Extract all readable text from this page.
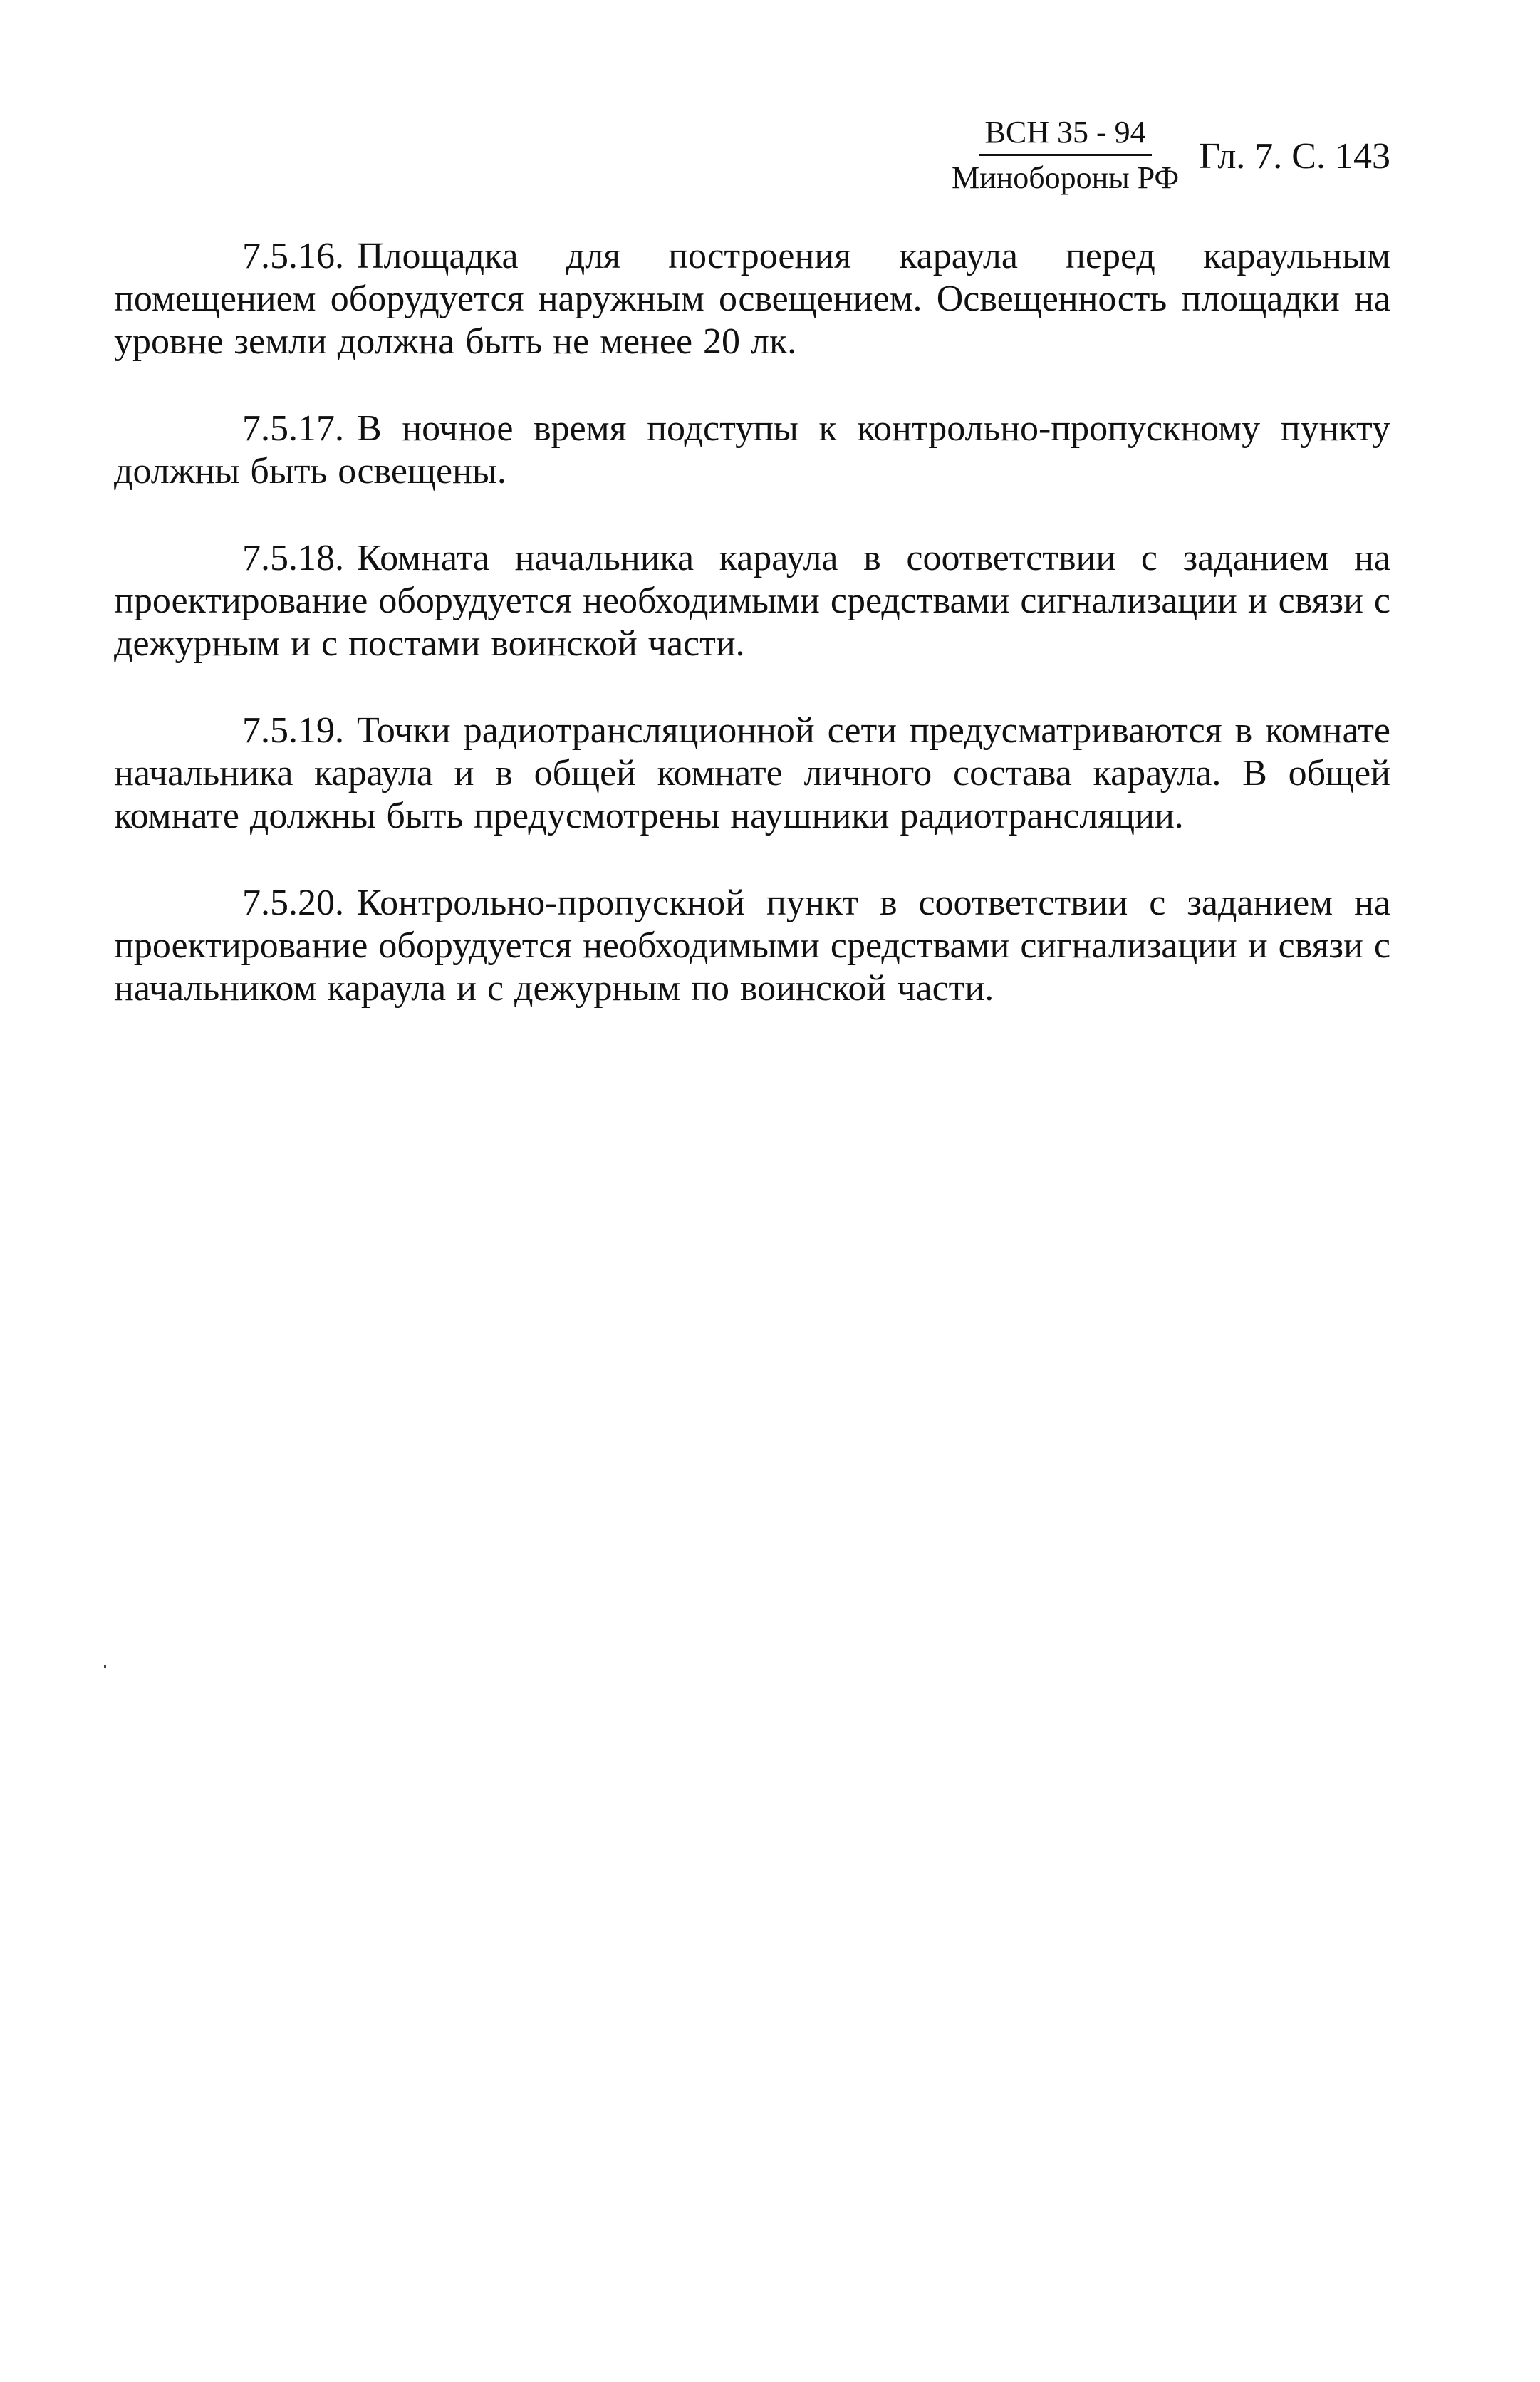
ВСН 35 - 94
Минобороны РФ
Гл. 7. С. 143

7.5.16. Площадка для построения караула перед караульным помещением оборудуется наружным освещением. Освещенность площадки на уровне земли должна быть не менее 20 лк.

7.5.17. В ночное время подступы к контрольно-пропускному пункту должны быть освещены.

7.5.18. Комната начальника караула в соответствии с заданием на проектирование оборудуется необходимыми средствами сигнализации и связи с дежурным и с постами воинской части.

7.5.19. Точки радиотрансляционной сети предусматриваются в комнате начальника караула и в общей комнате личного состава караула. В общей комнате должны быть предусмотрены наушники радиотрансляции.

7.5.20. Контрольно-пропускной пункт в соответствии с заданием на проектирование оборудуется необходимыми средствами сигнализации и связи с начальником караула и с дежурным по воинской части.
